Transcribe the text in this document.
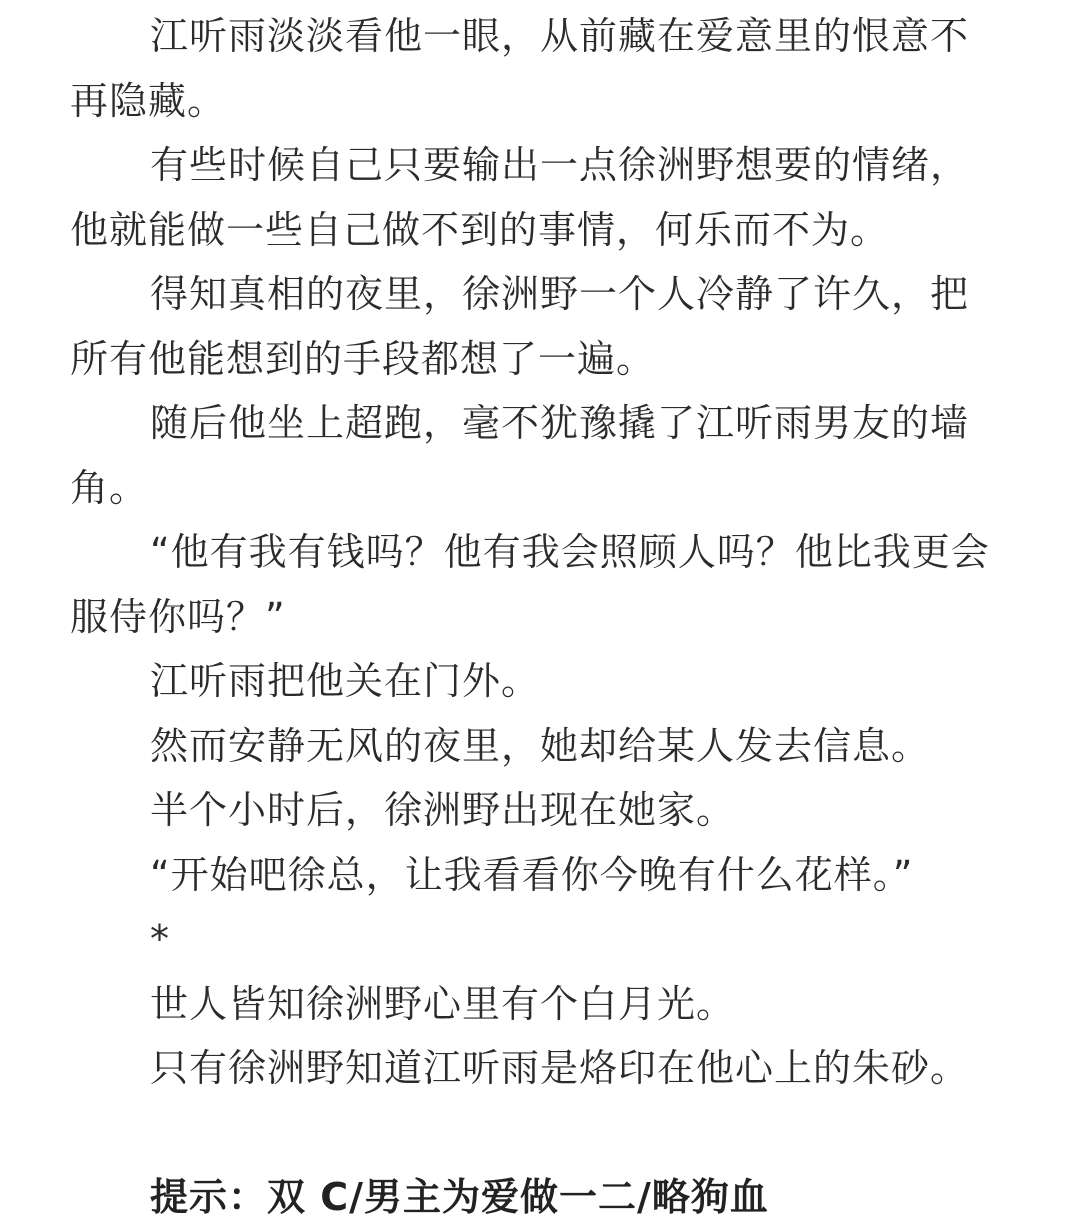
江听雨淡淡看他一眼，从前藏在爱意里的恨意不再隐藏。

有些时候自己只要输出一点徐洲野想要的情绪，他就能做一些自己做不到的事情，何乐而不为。

得知真相的夜里，徐洲野一个人冷静了许久，把所有他能想到的手段都想了一遍。

随后他坐上超跑，毫不犹豫撬了江听雨男友的墙角。

“他有我有钱吗？他有我会照顾人吗？他比我更会服侍你吗？”

江听雨把他关在门外。

然而安静无风的夜里，她却给某人发去信息。

半个小时后，徐洲野出现在她家。

“开始吧徐总，让我看看你今晚有什么花样。”

*

世人皆知徐洲野心里有个白月光。

只有徐洲野知道江听雨是烙印在他心上的朱砂。

提示：双 C/男主为爱做一二/略狗血
